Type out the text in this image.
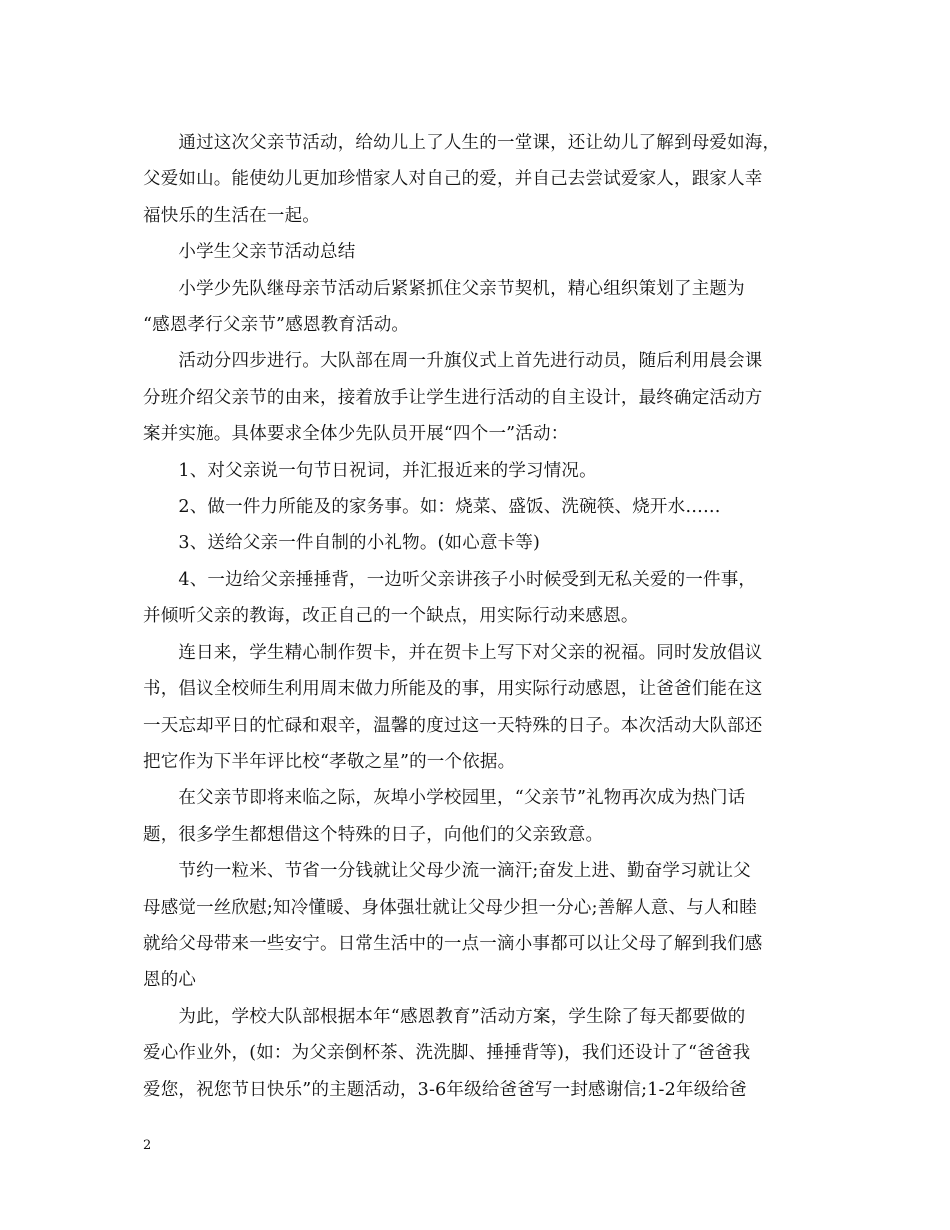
　　通过这次父亲节活动，给幼儿上了人生的一堂课，还让幼儿了解到母爱如海，
父爱如山。能使幼儿更加珍惜家人对自己的爱，并自己去尝试爱家人，跟家人幸
福快乐的生活在一起。

　　小学生父亲节活动总结

　　小学少先队继母亲节活动后紧紧抓住父亲节契机，精心组织策划了主题为
“感恩孝行父亲节”感恩教育活动。

　　活动分四步进行。大队部在周一升旗仪式上首先进行动员，随后利用晨会课
分班介绍父亲节的由来，接着放手让学生进行活动的自主设计，最终确定活动方
案并实施。具体要求全体少先队员开展“四个一”活动：

　　1、对父亲说一句节日祝词，并汇报近来的学习情况。

　　2、做一件力所能及的家务事。如：烧菜、盛饭、洗碗筷、烧开水……

　　3、送给父亲一件自制的小礼物。(如心意卡等)

　　4、一边给父亲捶捶背，一边听父亲讲孩子小时候受到无私关爱的一件事，
并倾听父亲的教诲，改正自己的一个缺点，用实际行动来感恩。

　　连日来，学生精心制作贺卡，并在贺卡上写下对父亲的祝福。同时发放倡议
书，倡议全校师生利用周末做力所能及的事，用实际行动感恩，让爸爸们能在这
一天忘却平日的忙碌和艰辛，温馨的度过这一天特殊的日子。本次活动大队部还
把它作为下半年评比校“孝敬之星”的一个依据。

　　在父亲节即将来临之际，灰埠小学校园里，“父亲节”礼物再次成为热门话
题，很多学生都想借这个特殊的日子，向他们的父亲致意。

　　节约一粒米、节省一分钱就让父母少流一滴汗;奋发上进、勤奋学习就让父
母感觉一丝欣慰;知冷懂暖、身体强壮就让父母少担一分心;善解人意、与人和睦
就给父母带来一些安宁。日常生活中的一点一滴小事都可以让父母了解到我们感
恩的心

　　为此，学校大队部根据本年“感恩教育”活动方案，学生除了每天都要做的
爱心作业外，(如：为父亲倒杯茶、洗洗脚、捶捶背等)，我们还设计了“爸爸我
爱您，祝您节日快乐”的主题活动，3-6年级给爸爸写一封感谢信;1-2年级给爸

2
